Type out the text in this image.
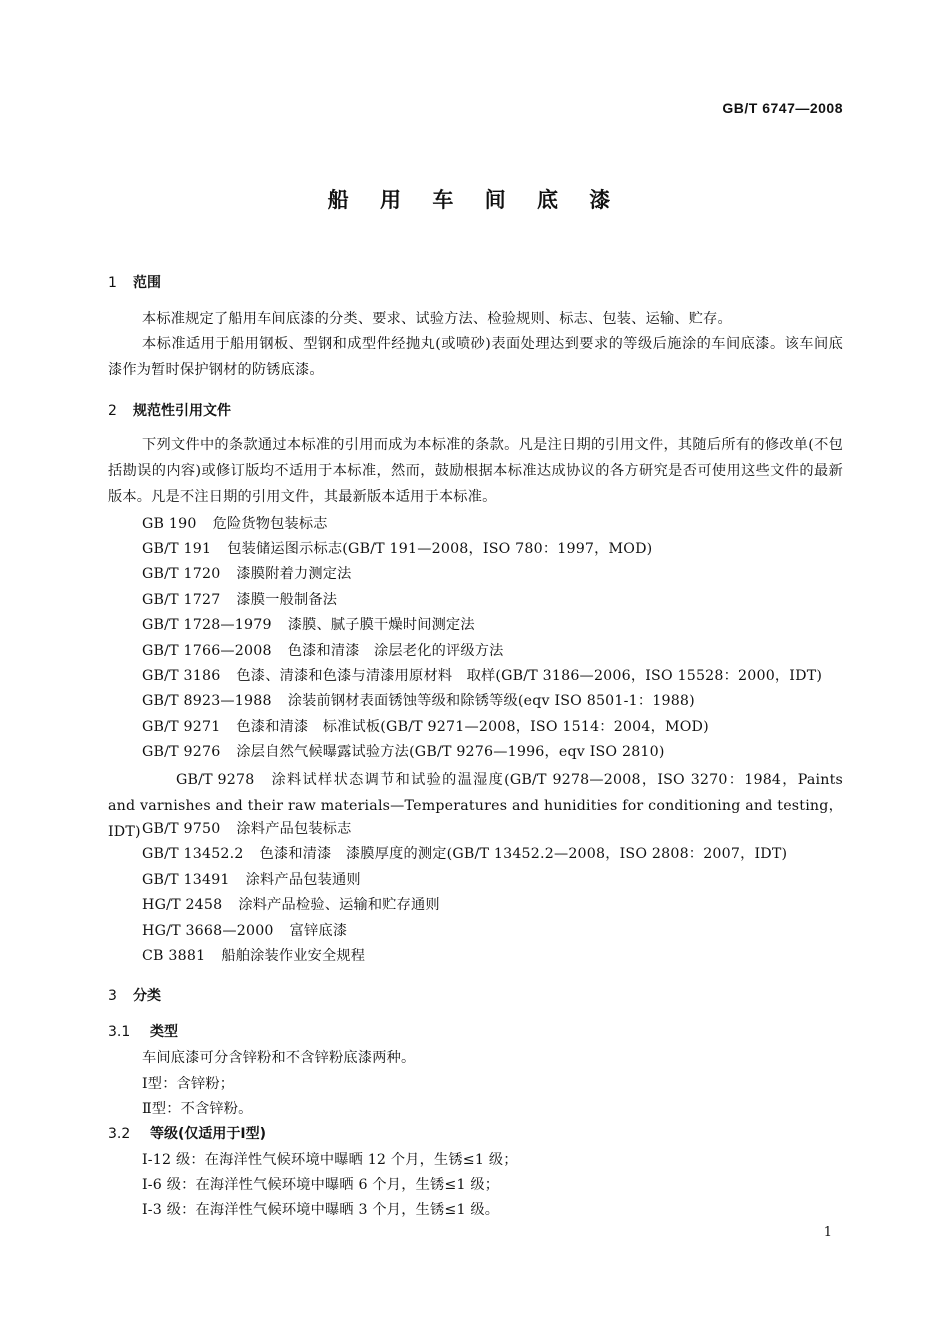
GB/T 6747—2008
船 用 车 间 底 漆
1 范围
本标准规定了船用车间底漆的分类、要求、试验方法、检验规则、标志、包装、运输、贮存。
本标准适用于船用钢板、型钢和成型件经抛丸(或喷砂)表面处理达到要求的等级后施涂的车间底漆。该车间底漆作为暂时保护钢材的防锈底漆。
2 规范性引用文件
下列文件中的条款通过本标准的引用而成为本标准的条款。凡是注日期的引用文件，其随后所有的修改单(不包括勘误的内容)或修订版均不适用于本标准，然而，鼓励根据本标准达成协议的各方研究是否可使用这些文件的最新版本。凡是不注日期的引用文件，其最新版本适用于本标准。
GB 190 危险货物包装标志
GB/T 191 包装储运图示标志(GB/T 191—2008，ISO 780：1997，MOD)
GB/T 1720 漆膜附着力测定法
GB/T 1727 漆膜一般制备法
GB/T 1728—1979 漆膜、腻子膜干燥时间测定法
GB/T 1766—2008 色漆和清漆　涂层老化的评级方法
GB/T 3186 色漆、清漆和色漆与清漆用原材料　取样(GB/T 3186—2006，ISO 15528：2000，IDT)
GB/T 8923—1988 涂装前钢材表面锈蚀等级和除锈等级(eqv ISO 8501-1：1988)
GB/T 9271 色漆和清漆　标准试板(GB/T 9271—2008，ISO 1514：2004，MOD)
GB/T 9276 涂层自然气候曝露试验方法(GB/T 9276—1996，eqv ISO 2810)
GB/T 9278 涂料试样状态调节和试验的温湿度(GB/T 9278—2008，ISO 3270：1984，Paints and varnishes and their raw materials—Temperatures and hunidities for conditioning and testing，IDT) GB/T 9750 涂料产品包装标志
GB/T 13452.2 色漆和清漆　漆膜厚度的测定(GB/T 13452.2—2008，ISO 2808：2007，IDT)
GB/T 13491 涂料产品包装通则
HG/T 2458 涂料产品检验、运输和贮存通则
HG/T 3668—2000 富锌底漆
CB 3881 船舶涂装作业安全规程
3 分类
3.1 类型
车间底漆可分含锌粉和不含锌粉底漆两种。
Ⅰ型：含锌粉；
Ⅱ型：不含锌粉。
3.2 等级(仅适用于Ⅰ型)
Ⅰ-12 级：在海洋性气候环境中曝晒 12 个月，生锈≤1 级；
Ⅰ-6 级：在海洋性气候环境中曝晒 6 个月，生锈≤1 级；
Ⅰ-3 级：在海洋性气候环境中曝晒 3 个月，生锈≤1 级。
1
